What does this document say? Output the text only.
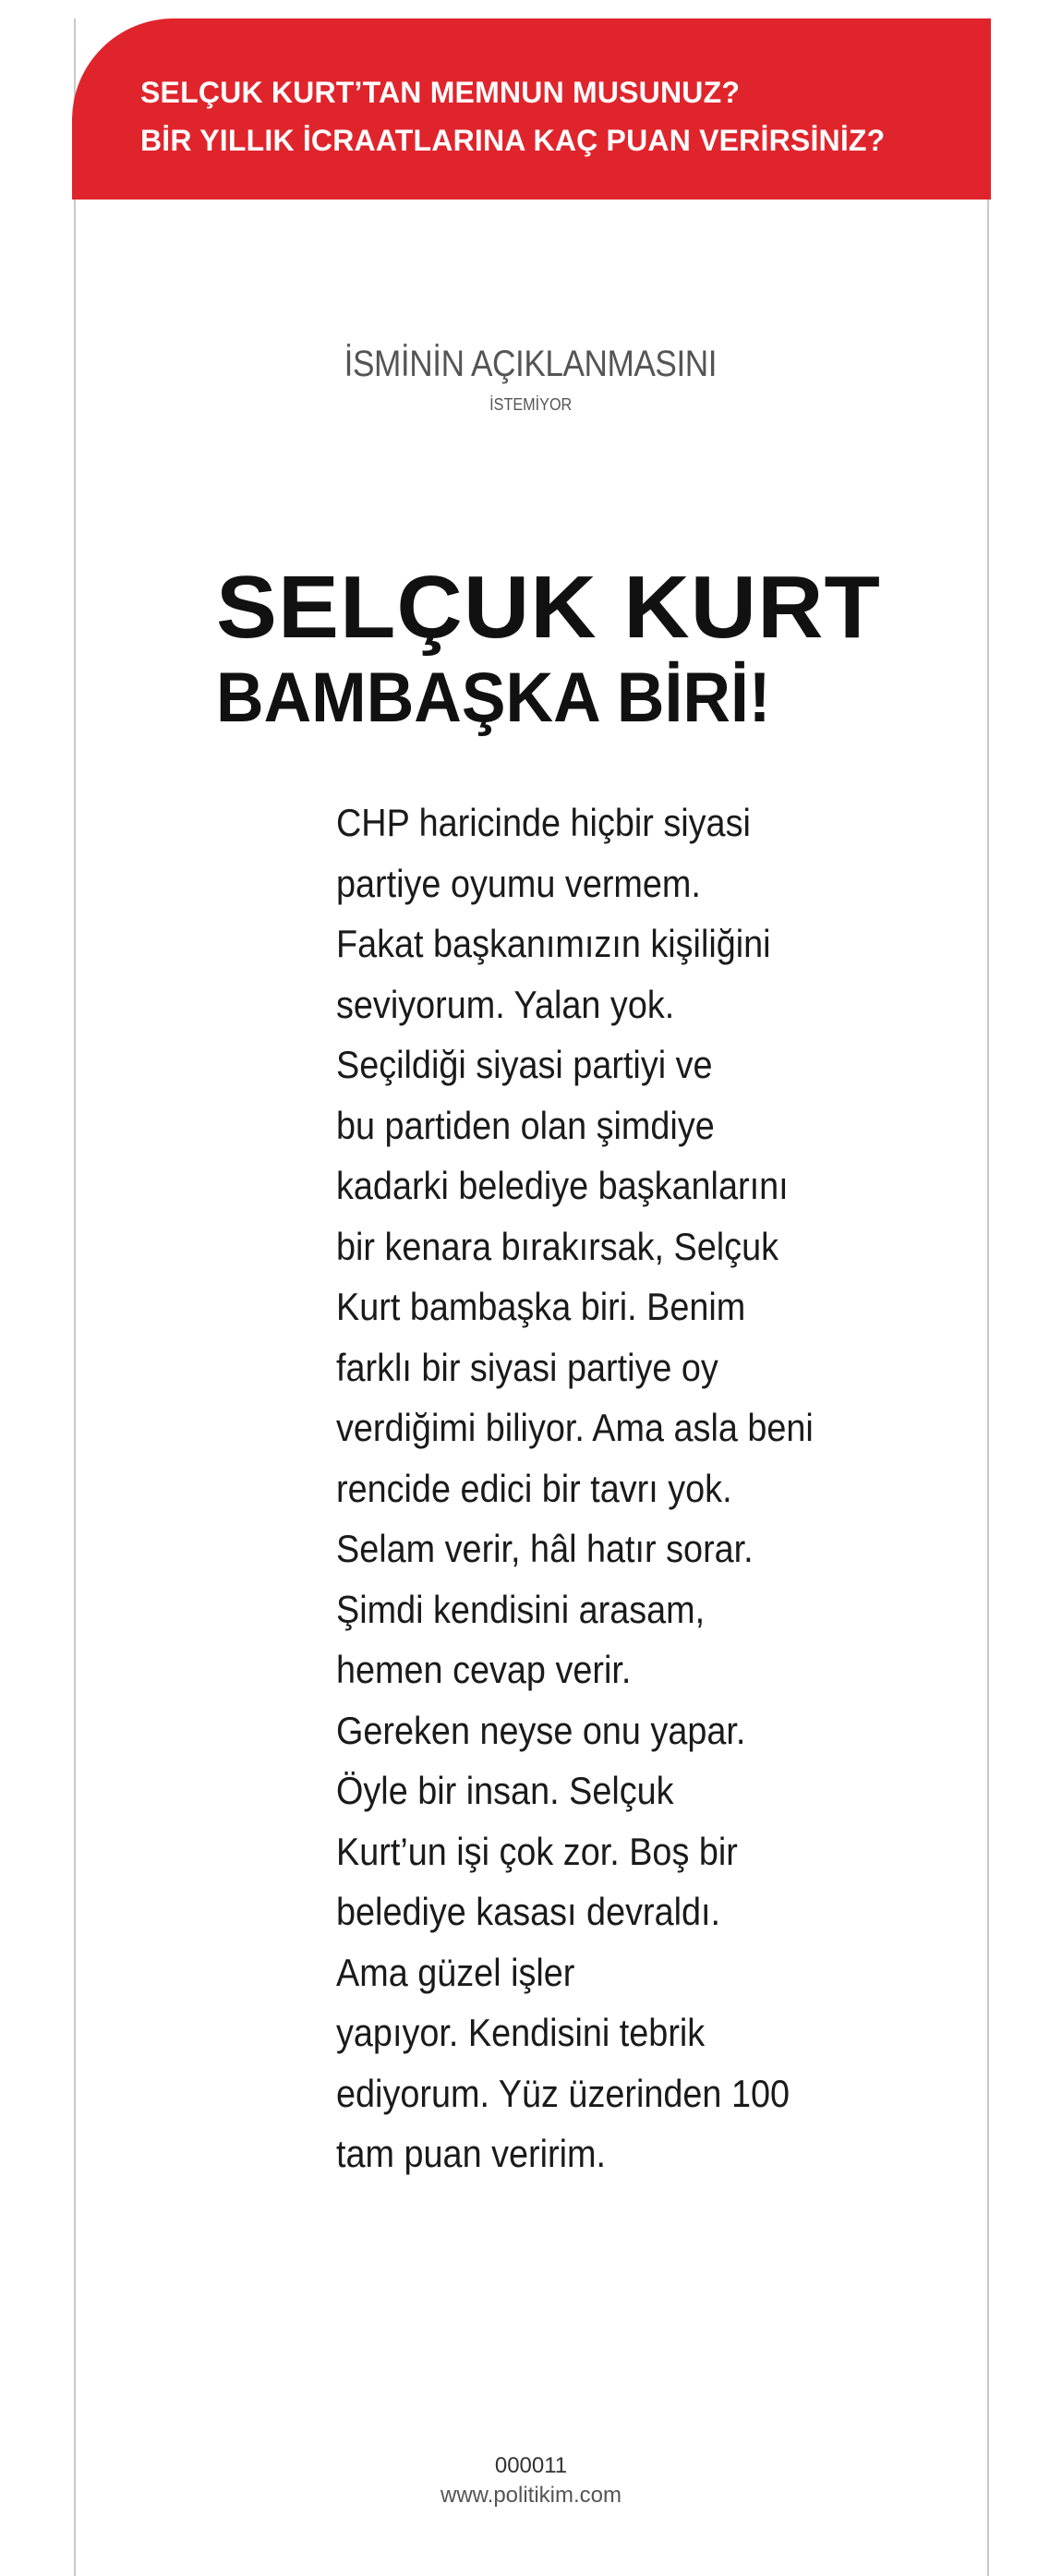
SELÇUK KURT’TAN MEMNUN MUSUNUZ?
BİR YILLIK İCRAATLARINA KAÇ PUAN VERİRSİNİZ?
İSMİNİN AÇIKLANMASINI
İSTEMİYOR
SELÇUK KURT
BAMBAŞKA BİRİ!
CHP haricinde hiçbir siyasi
partiye oyumu vermem.
Fakat başkanımızın kişiliğini
seviyorum. Yalan yok.
Seçildiği siyasi partiyi ve
bu partiden olan şimdiye
kadarki belediye başkanlarını
bir kenara bırakırsak, Selçuk
Kurt bambaşka biri. Benim
farklı bir siyasi partiye oy
verdiğimi biliyor. Ama asla beni
rencide edici bir tavrı yok.
Selam verir, hâl hatır sorar.
Şimdi kendisini arasam,
hemen cevap verir.
Gereken neyse onu yapar.
Öyle bir insan. Selçuk
Kurt’un işi çok zor. Boş bir
belediye kasası devraldı.
Ama güzel işler
yapıyor. Kendisini tebrik
ediyorum. Yüz üzerinden 100
tam puan veririm.
000011
www.politikim.com
